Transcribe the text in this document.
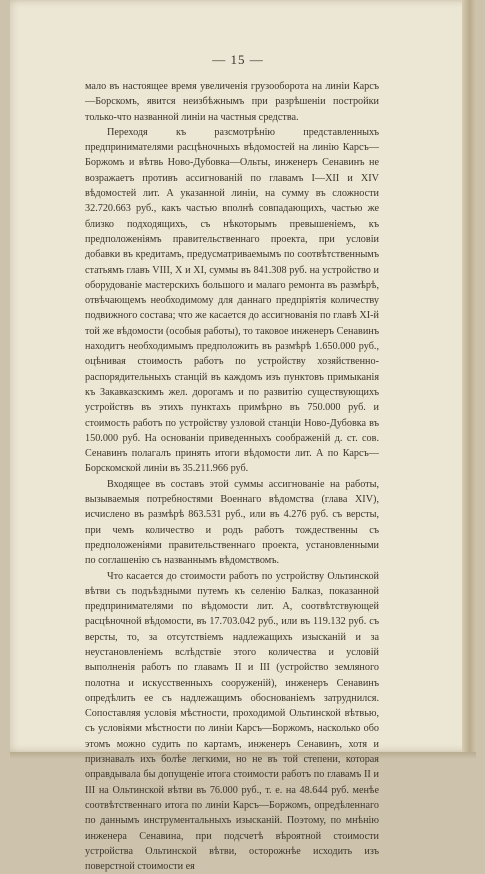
— 15 —

мало въ настоящее время увеличенія грузооборота на линіи Карсъ—Борскомъ, явится неизбѣжнымъ при разрѣшеніи постройки только-что названной линіи на частныя средства.

Переходя къ разсмотрѣнію представленныхъ предпринимателями расцѣночныхъ вѣдомостей на линію Карсъ—Боржомъ и вѣтвь Ново-Дубовка—Ольты, инженеръ Сенавинъ не возражаетъ противъ ассигнованій по главамъ I—XII и XIV вѣдомостей лит. А указанной линіи, на сумму въ сложности 32.720.663 руб., какъ частью вполнѣ совпадающихъ, частью же близко подходящихъ, съ нѣкоторымъ превышеніемъ, къ предположеніямъ правительственнаго проекта, при условіи добавки въ кредитамъ, предусматриваемымъ по соотвѣтственнымъ статьямъ главъ VIII, X и XI, суммы въ 841.308 руб. на устройство и оборудованіе мастерскихъ большого и малаго ремонта въ размѣрѣ, отвѣчающемъ необходимому для даннаго предпріятія количеству подвижного состава; что же касается до ассигнованія по главѣ XI-й той же вѣдомости (особыя работы), то таковое инженеръ Сенавинъ находитъ необходимымъ предположить въ размѣрѣ 1.650.000 руб., оцѣнивая стоимость работъ по устройству хозяйственно-распорядительныхъ станцій въ каждомъ изъ пунктовъ примыканія къ Закавказскимъ жел. дорогамъ и по развитію существующихъ устройствъ въ этихъ пунктахъ примѣрно въ 750.000 руб. и стоимость работъ по устройству узловой станціи Ново-Дубовка въ 150.000 руб. На основаніи приведенныхъ соображеній д. ст. сов. Сенавинъ полагалъ принять итоги вѣдомости лит. А по Карсъ—Борскомской линіи въ 35.211.966 руб.

Входящее въ составъ этой суммы ассигнованіе на работы, вызываемыя потребностями Военнаго вѣдомства (глава XIV), исчислено въ размѣрѣ 863.531 руб., или въ 4.276 руб. съ версты, при чемъ количество и родъ работъ тождественны съ предположеніями правительственнаго проекта, установленными по соглашенію съ названнымъ вѣдомствомъ.

Что касается до стоимости работъ по устройству Ольтинской вѣтви съ подъѣздными путемъ къ селенію Балказ, показанной предпринимателями по вѣдомости лит. А, соотвѣтствующей расцѣночной вѣдомости, въ 17.703.042 руб., или въ 119.132 руб. съ версты, то, за отсутствіемъ надлежащихъ изысканій и за неустановленіемъ вслѣдствіе этого количества и условій выполненія работъ по главамъ II и III (устройство земляного полотна и искусственныхъ сооруженій), инженеръ Сенавинъ опредѣлить ее съ надлежащимъ обоснованіемъ затруднился. Сопоставляя условія мѣстности, проходимой Ольтинской вѣтвью, съ условіями мѣстности по линіи Карсъ—Боржомъ, насколько обо этомъ можно судить по картамъ, инженеръ Сенавинъ, хотя и признавалъ ихъ болѣе легкими, но не въ той степени, которая оправдывала бы допущеніе итога стоимости работъ по главамъ II и III на Ольтинской вѣтви въ 76.000 руб., т. е. на 48.644 руб. менѣе соотвѣтственнаго итога по линіи Карсъ—Боржомъ, опредѣленнаго по даннымъ инструментальныхъ изысканій. Поэтому, по мнѣнію инженера Сенавина, при подсчетѣ вѣроятной стоимости устройства Ольтинской вѣтви, осторожнѣе исходить изъ поверстной стоимости ея
